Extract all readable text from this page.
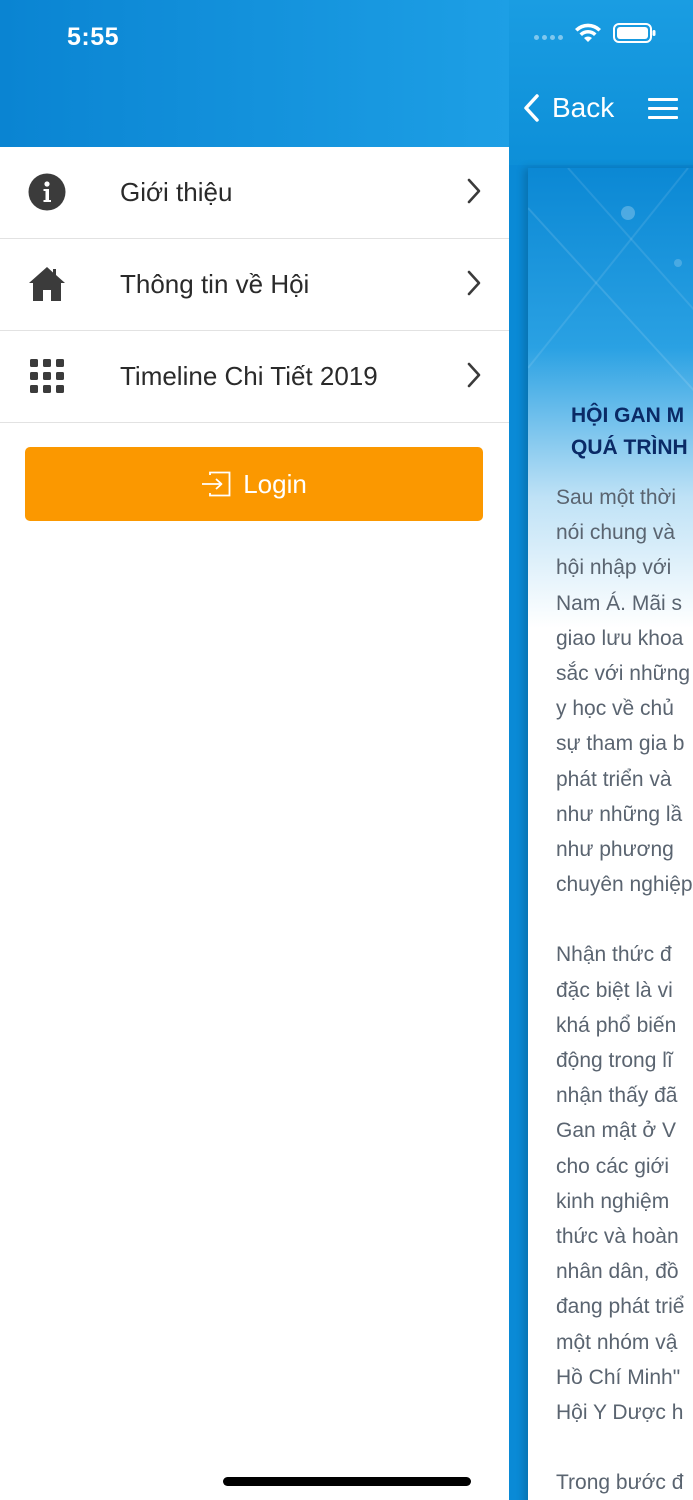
Back
HỘI GAN M
QUÁ TRÌNH
Sau một thời
nói chung và
hội nhập với
Nam Á. Mãi s
giao lưu khoa
sắc với những
y học về chủ
sự tham gia b
phát triển và
như những lầ
như phương
chuyên nghiệp
Nhận thức đ
đặc biệt là vi
khá phổ biến
động trong lĩ
nhận thấy đã
Gan mật ở V
cho các giới
kinh nghiệm
thức và hoàn
nhân dân, đồ
đang phát triể
một nhóm vậ
Hồ Chí Minh"
Hội Y Dược h
Trong bước đ
5:55
Giới thiệu
Thông tin về Hội
Timeline Chi Tiết 2019
Login
